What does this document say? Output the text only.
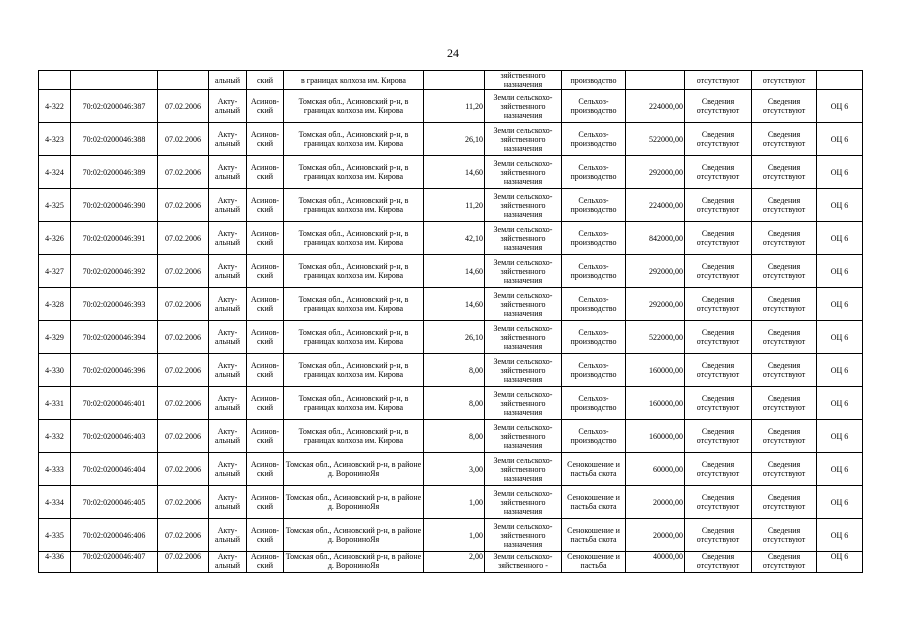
24
			альный	ский	в границах колхоза им. Кирова		зяйственного назначения	производство		отсутствуют	отсутствуют	
4-322	70:02:0200046:387	07.02.2006	Акту-альный	Асинов-ский	Томская обл., Асиновский р-н, в границах колхоза им. Кирова	11,20	Земли сельскохо-зяйственного назначения	Сельхоз-производство	224000,00	Сведения отсутствуют	Сведения отсутствуют	ОЦ 6
4-323	70:02:0200046:388	07.02.2006	Акту-альный	Асинов-ский	Томская обл., Асиновский р-н, в границах колхоза им. Кирова	26,10	Земли сельскохо-зяйственного назначения	Сельхоз-производство	522000,00	Сведения отсутствуют	Сведения отсутствуют	ОЦ 6
4-324	70:02:0200046:389	07.02.2006	Акту-альный	Асинов-ский	Томская обл., Асиновский р-н, в границах колхоза им. Кирова	14,60	Земли сельскохо-зяйственного назначения	Сельхоз-производство	292000,00	Сведения отсутствуют	Сведения отсутствуют	ОЦ 6
4-325	70:02:0200046:390	07.02.2006	Акту-альный	Асинов-ский	Томская обл., Асиновский р-н, в границах колхоза им. Кирова	11,20	Земли сельскохо-зяйственного назначения	Сельхоз-производство	224000,00	Сведения отсутствуют	Сведения отсутствуют	ОЦ 6
4-326	70:02:0200046:391	07.02.2006	Акту-альный	Асинов-ский	Томская обл., Асиновский р-н, в границах колхоза им. Кирова	42,10	Земли сельскохо-зяйственного назначения	Сельхоз-производство	842000,00	Сведения отсутствуют	Сведения отсутствуют	ОЦ 6
4-327	70:02:0200046:392	07.02.2006	Акту-альный	Асинов-ский	Томская обл., Асиновский р-н, в границах колхоза им. Кирова	14,60	Земли сельскохо-зяйственного назначения	Сельхоз-производство	292000,00	Сведения отсутствуют	Сведения отсутствуют	ОЦ 6
4-328	70:02:0200046:393	07.02.2006	Акту-альный	Асинов-ский	Томская обл., Асиновский р-н, в границах колхоза им. Кирова	14,60	Земли сельскохо-зяйственного назначения	Сельхоз-производство	292000,00	Сведения отсутствуют	Сведения отсутствуют	ОЦ 6
4-329	70:02:0200046:394	07.02.2006	Акту-альный	Асинов-ский	Томская обл., Асиновский р-н, в границах колхоза им. Кирова	26,10	Земли сельскохо-зяйственного назначения	Сельхоз-производство	522000,00	Сведения отсутствуют	Сведения отсутствуют	ОЦ 6
4-330	70:02:0200046:396	07.02.2006	Акту-альный	Асинов-ский	Томская обл., Асиновский р-н, в границах колхоза им. Кирова	8,00	Земли сельскохо-зяйственного назначения	Сельхоз-производство	160000,00	Сведения отсутствуют	Сведения отсутствуют	ОЦ 6
4-331	70:02:0200046:401	07.02.2006	Акту-альный	Асинов-ский	Томская обл., Асиновский р-н, в границах колхоза им. Кирова	8,00	Земли сельскохо-зяйственного назначения	Сельхоз-производство	160000,00	Сведения отсутствуют	Сведения отсутствуют	ОЦ 6
4-332	70:02:0200046:403	07.02.2006	Акту-альный	Асинов-ский	Томская обл., Асиновский р-н, в границах колхоза им. Кирова	8,00	Земли сельскохо-зяйственного назначения	Сельхоз-производство	160000,00	Сведения отсутствуют	Сведения отсутствуют	ОЦ 6
4-333	70:02:0200046:404	07.02.2006	Акту-альный	Асинов-ский	Томская обл., Асиновский р-н, в районе д. ВоронинoЯя	3,00	Земли сельскохо-зяйственного назначения	Сенокошение и пастьба скота	60000,00	Сведения отсутствуют	Сведения отсутствуют	ОЦ 6
4-334	70:02:0200046:405	07.02.2006	Акту-альный	Асинов-ский	Томская обл., Асиновский р-н, в районе д. ВоронинoЯя	1,00	Земли сельскохо-зяйственного назначения	Сенокошение и пастьба скота	20000,00	Сведения отсутствуют	Сведения отсутствуют	ОЦ 6
4-335	70:02:0200046:406	07.02.2006	Акту-альный	Асинов-ский	Томская обл., Асиновский р-н, в районе д. ВоронинoЯя	1,00	Земли сельскохо-зяйственного назначения	Сенокошение и пастьба скота	20000,00	Сведения отсутствуют	Сведения отсутствуют	ОЦ 6
4-336	70:02:0200046:407	07.02.2006	Акту-альный	Асинов-ский	Томская обл., Асиновский р-н, в районе д. ВоронинoЯя	2,00	Земли сельскохо-зяйственного -	Сенокошение и пастьба	40000,00	Сведения отсутствуют	Сведения отсутствуют	ОЦ 6
